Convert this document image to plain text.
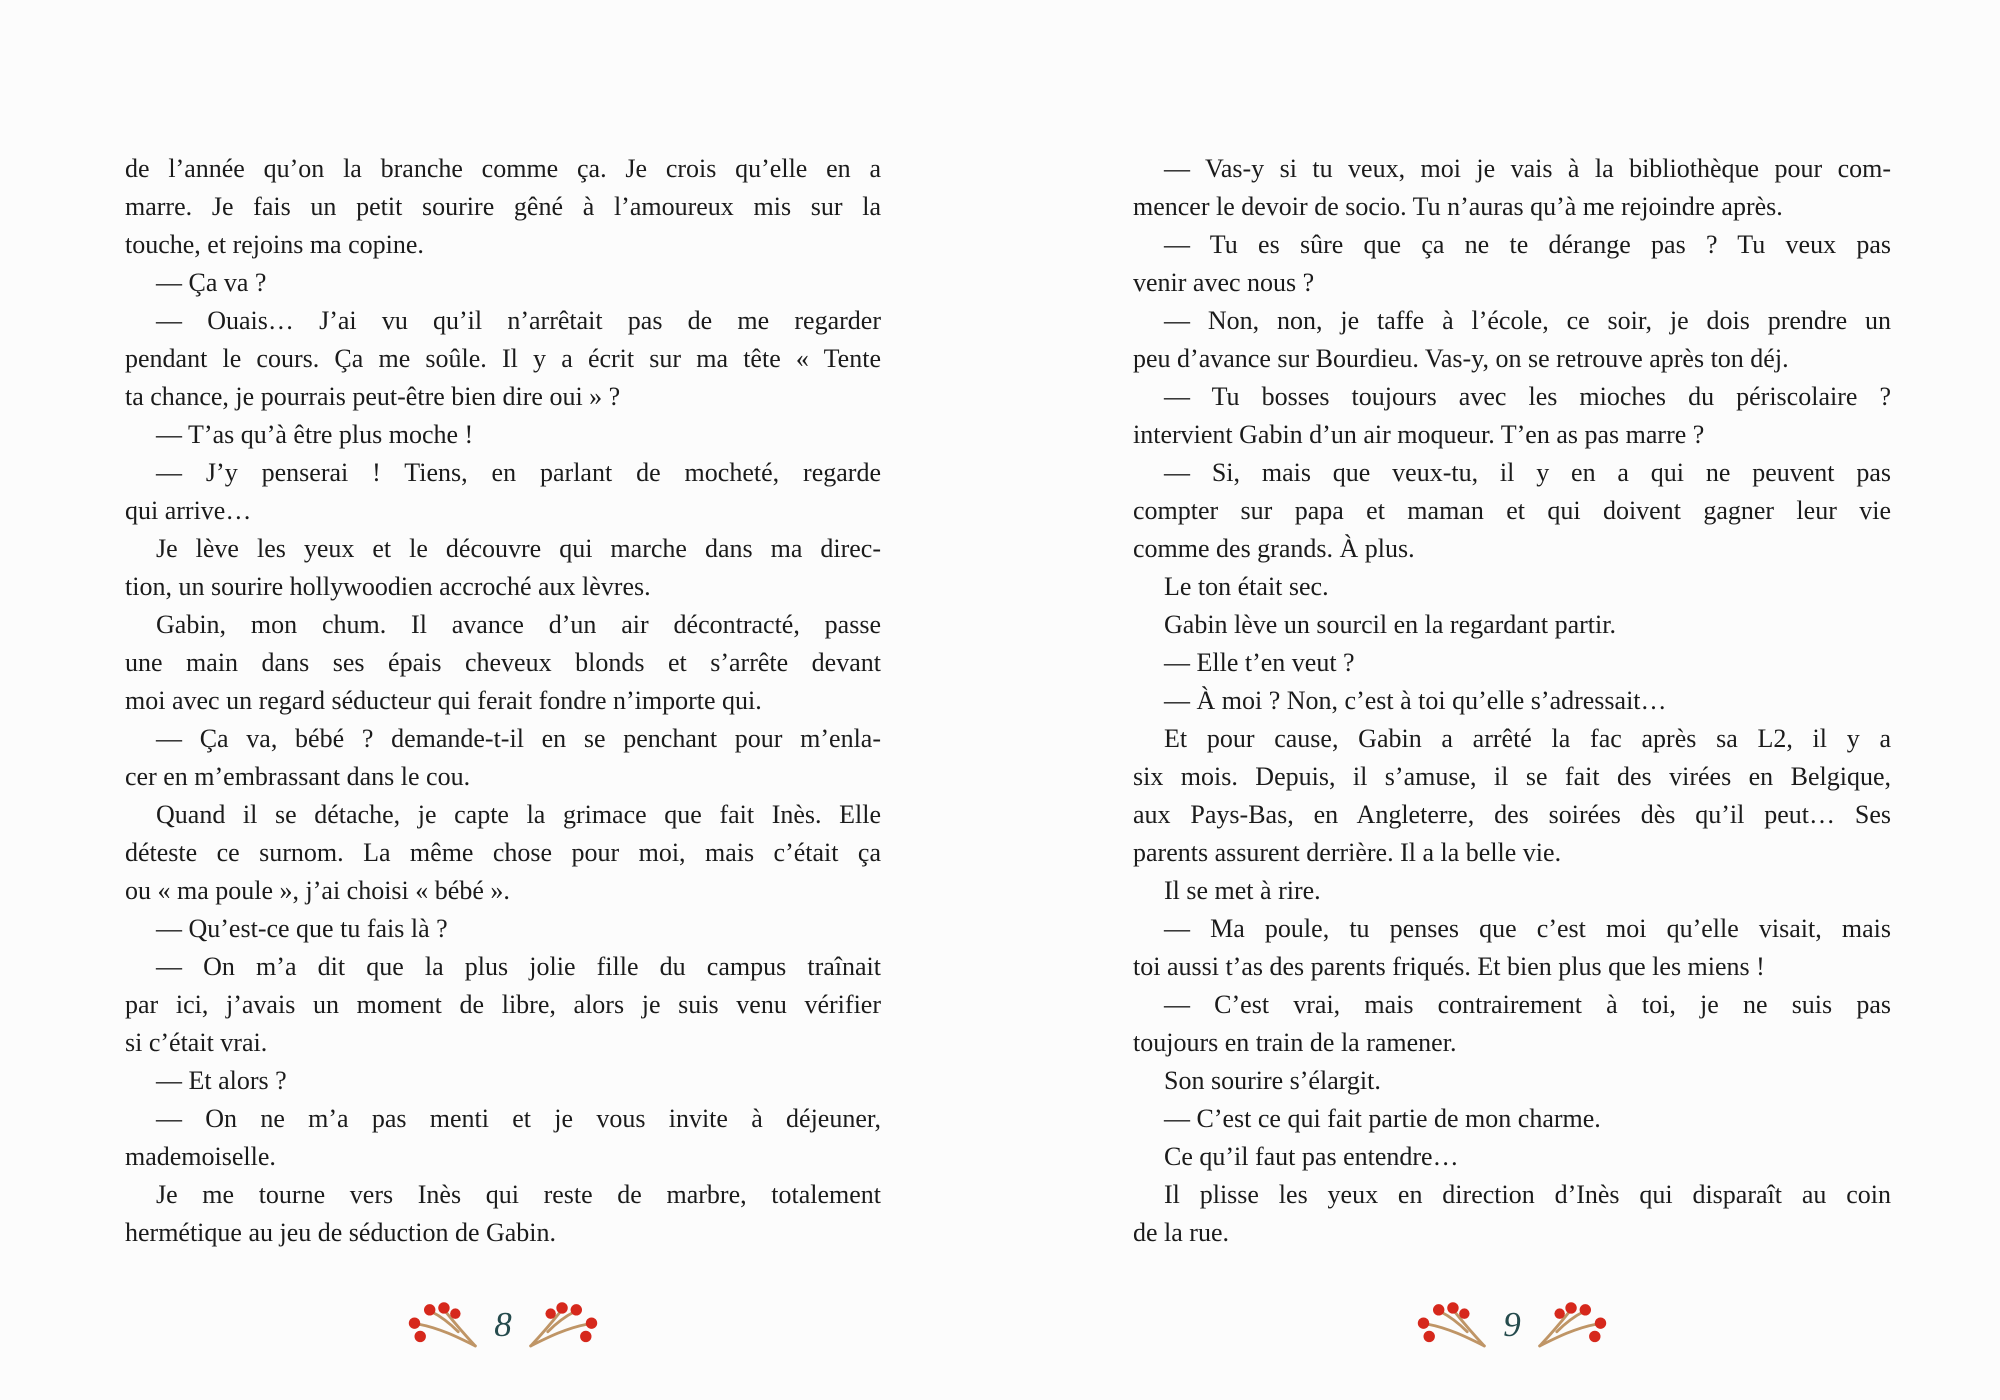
de l’année qu’on la branche comme ça. Je crois qu’elle en a
marre. Je fais un petit sourire gêné à l’amoureux mis sur la
touche, et rejoins ma copine.
— Ça va ?
— Ouais… J’ai vu qu’il n’arrêtait pas de me regarder
pendant le cours. Ça me soûle. Il y a écrit sur ma tête « Tente
ta chance, je pourrais peut-être bien dire oui » ?
— T’as qu’à être plus moche !
— J’y penserai ! Tiens, en parlant de mocheté, regarde
qui arrive…
Je lève les yeux et le découvre qui marche dans ma direc-
tion, un sourire hollywoodien accroché aux lèvres.
Gabin, mon chum. Il avance d’un air décontracté, passe
une main dans ses épais cheveux blonds et s’arrête devant
moi avec un regard séducteur qui ferait fondre n’importe qui.
— Ça va, bébé ? demande-t-il en se penchant pour m’enla-
cer en m’embrassant dans le cou.
Quand il se détache, je capte la grimace que fait Inès. Elle
déteste ce surnom. La même chose pour moi, mais c’était ça
ou « ma poule », j’ai choisi « bébé ».
— Qu’est-ce que tu fais là ?
— On m’a dit que la plus jolie fille du campus traînait
par ici, j’avais un moment de libre, alors je suis venu vérifier
si c’était vrai.
— Et alors ?
— On ne m’a pas menti et je vous invite à déjeuner,
mademoiselle.
Je me tourne vers Inès qui reste de marbre, totalement
hermétique au jeu de séduction de Gabin.
8
— Vas-y si tu veux, moi je vais à la bibliothèque pour com-
mencer le devoir de socio. Tu n’auras qu’à me rejoindre après.
— Tu es sûre que ça ne te dérange pas ? Tu veux pas
venir avec nous ?
— Non, non, je taffe à l’école, ce soir, je dois prendre un
peu d’avance sur Bourdieu. Vas-y, on se retrouve après ton déj.
— Tu bosses toujours avec les mioches du périscolaire ?
intervient Gabin d’un air moqueur. T’en as pas marre ?
— Si, mais que veux-tu, il y en a qui ne peuvent pas
compter sur papa et maman et qui doivent gagner leur vie
comme des grands. À plus.
Le ton était sec.
Gabin lève un sourcil en la regardant partir.
— Elle t’en veut ?
— À moi ? Non, c’est à toi qu’elle s’adressait…
Et pour cause, Gabin a arrêté la fac après sa L2, il y a
six mois. Depuis, il s’amuse, il se fait des virées en Belgique,
aux Pays-Bas, en Angleterre, des soirées dès qu’il peut… Ses
parents assurent derrière. Il a la belle vie.
Il se met à rire.
— Ma poule, tu penses que c’est moi qu’elle visait, mais
toi aussi t’as des parents friqués. Et bien plus que les miens !
— C’est vrai, mais contrairement à toi, je ne suis pas
toujours en train de la ramener.
Son sourire s’élargit.
— C’est ce qui fait partie de mon charme.
Ce qu’il faut pas entendre…
Il plisse les yeux en direction d’Inès qui disparaît au coin
de la rue.
9
